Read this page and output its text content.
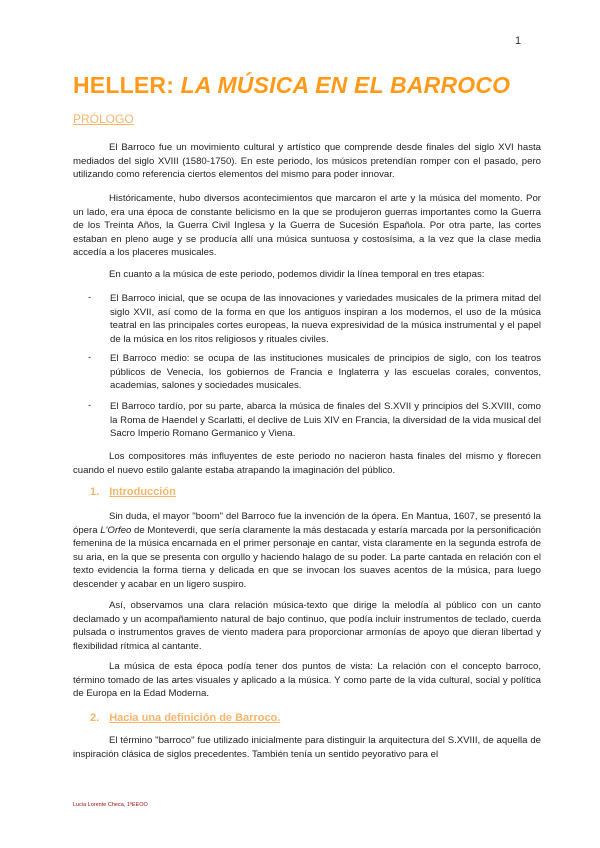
1
HELLER: LA MÚSICA EN EL BARROCO
PRÓLOGO
El Barroco fue un movimiento cultural y artístico que comprende desde finales del siglo XVI hasta mediados del siglo XVIII (1580-1750). En este periodo, los músicos pretendían romper con el pasado, pero utilizando como referencia ciertos elementos del mismo para poder innovar.
Históricamente, hubo diversos acontecimientos que marcaron el arte y la música del momento. Por un lado, era una época de constante belicismo en la que se produjeron guerras importantes como la Guerra de los Treinta Años, la Guerra Civil Inglesa y la Guerra de Sucesión Española. Por otra parte, las cortes estaban en pleno auge y se producía allí una música suntuosa y costosísima, a la vez que la clase media accedía a los placeres musicales.
En cuanto a la música de este periodo, podemos dividir la línea temporal en tres etapas:
- El Barroco inicial, que se ocupa de las innovaciones y variedades musicales de la primera mitad del siglo XVII, así como de la forma en que los antiguos inspiran a los modernos, el uso de la música teatral en las principales cortes europeas, la nueva expresividad de la música instrumental y el papel de la música en los ritos religiosos y rituales civiles.
- El Barroco medio: se ocupa de las instituciones musicales de principios de siglo, con los teatros públicos de Venecia, los gobiernos de Francia e Inglaterra y las escuelas corales, conventos, academias, salones y sociedades musicales.
- El Barroco tardío, por su parte, abarca la música de finales del S.XVII y principios del S.XVIII, como la Roma de Haendel y Scarlatti, el declive de Luis XIV en Francia, la diversidad de la vida musical del Sacro Imperio Romano Germanico y Viena.
Los compositores más influyentes de este periodo no nacieron hasta finales del mismo y florecen cuando el nuevo estilo galante estaba atrapando la imaginación del público.
1. Introducción
Sin duda, el mayor "boom" del Barroco fue la invención de la ópera. En Mantua, 1607, se presentó la ópera L'Orfeo de Monteverdi, que sería claramente la más destacada y estaría marcada por la personificación femenina de la música encarnada en el primer personaje en cantar, vista claramente en la segunda estrofa de su aria, en la que se presenta con orgullo y haciendo halago de su poder. La parte cantada en relación con el texto evidencia la forma tierna y delicada en que se invocan los suaves acentos de la música, para luego descender y acabar en un ligero suspiro.
Así, observamos una clara relación música-texto que dirige la melodía al público con un canto declamado y un acompañamiento natural de bajo continuo, que podía incluir instrumentos de teclado, cuerda pulsada o instrumentos graves de viento madera para proporcionar armonías de apoyo que dieran libertad y flexibilidad rítmica al cantante.
La música de esta época podía tener dos puntos de vista: La relación con el concepto barroco, término tomado de las artes visuales y aplicado a la música. Y como parte de la vida cultural, social y política de Europa en la Edad Moderna.
2. Hacia una definición de Barroco.
El término "barroco" fue utilizado inicialmente para distinguir la arquitectura del S.XVIII, de aquella de inspiración clásica de siglos precedentes. También tenía un sentido peyorativo para el
Lucia Lorente Checa, 1ºEEOO
